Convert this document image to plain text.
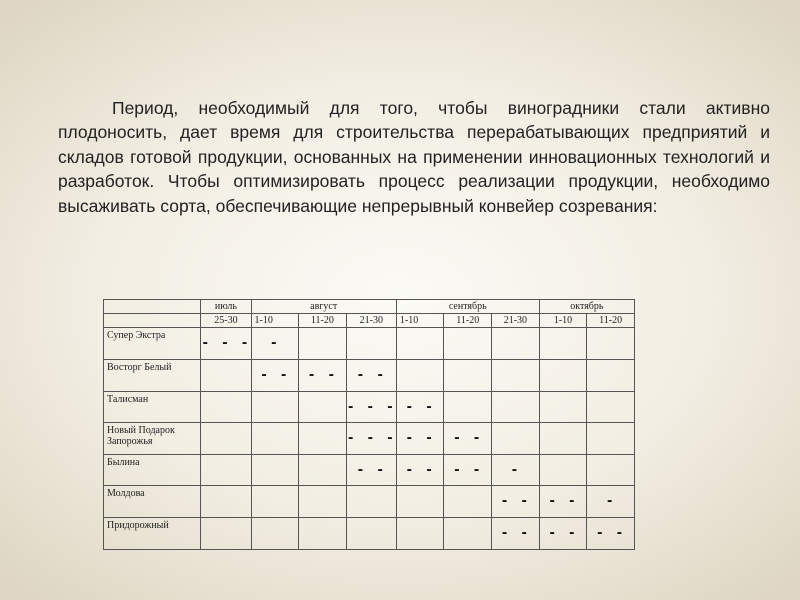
Период, необходимый для того, чтобы виноградники стали активно плодоносить, дает время для строительства перерабатывающих предприятий и складов готовой продукции, основанных на применении инновационных технологий и разработок. Чтобы оптимизировать процесс реализации продукции, необходимо высаживать сорта, обеспечивающие непрерывный конвейер созревания:

	июль	август			сентябрь			октябрь	
	25-30	1-10	11-20	21-30	1-10	11-20	21-30	1-10	11-20
Супер Экстра	- - -	-							
Восторг Белый		- -	- -	- -					
Талисман				- - -	- -				
Новый Подарок Запорожья				- - -	- -	- -			
Былина				- -	- -	- -	-		
Молдова							- -	- -	-
Придорожный							- -	- -	- -
